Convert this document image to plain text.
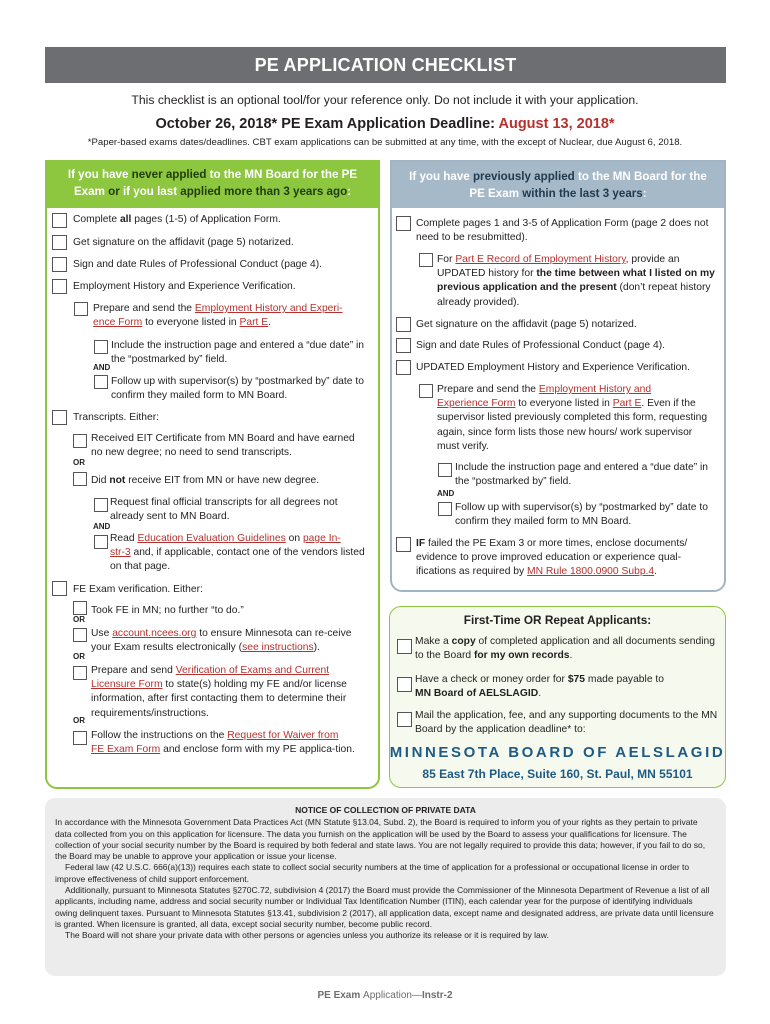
PE APPLICATION CHECKLIST
This checklist is an optional tool/for your reference only. Do not include it with your application.
October 26, 2018* PE Exam Application Deadline: August 13, 2018*
*Paper-based exams dates/deadlines. CBT exam applications can be submitted at any time, with the except of Nuclear, due August 6, 2018.
If you have never applied to the MN Board for the PE Exam or if you last applied more than 3 years ago:
Complete all pages (1-5) of Application Form.
Get signature on the affidavit (page 5) notarized.
Sign and date Rules of Professional Conduct (page 4).
Employment History and Experience Verification.
Prepare and send the Employment History and Experi-
ence Form to everyone listed in Part E.
Include the instruction page and entered a “due date” in the “postmarked by” field.
AND
Follow up with supervisor(s) by “postmarked by” date to confirm they mailed form to MN Board.
Transcripts. Either:
Received EIT Certificate from MN Board and have earned no new degree; no need to send transcripts.
OR
Did not receive EIT from MN or have new degree.
Request final official transcripts for all degrees not already sent to MN Board.
AND
Read Education Evaluation Guidelines on page In-
str-3 and, if applicable, contact one of the vendors listed on that page.
FE Exam verification. Either:
Took FE in MN; no further “to do.”
OR
Use account.ncees.org to ensure Minnesota can re-ceive your Exam results electronically (see instructions).
OR
Prepare and send Verification of Exams and Current
Licensure Form to state(s) holding my FE and/or license information, after first contacting them to determine their requirements/instructions.
OR
Follow the instructions on the Request for Waiver from
FE Exam Form and enclose form with my PE applica-tion.
If you have previously applied to the MN Board for the PE Exam within the last 3 years:
Complete pages 1 and 3-5 of Application Form (page 2 does not need to be resubmitted).
For Part E Record of Employment History, provide an UPDATED history for the time between what I listed on my previous application and the present (don’t repeat history already provided).
Get signature on the affidavit (page 5) notarized.
Sign and date Rules of Professional Conduct (page 4).
UPDATED Employment History and Experience Verification.
Prepare and send the Employment History and
Experience Form to everyone listed in Part E. Even if the supervisor listed previously completed this form, requesting again, since form lists those new hours/ work supervisor must verify.
Include the instruction page and entered a “due date” in the “postmarked by” field.
AND
Follow up with supervisor(s) by “postmarked by” date to confirm they mailed form to MN Board.
IF failed the PE Exam 3 or more times, enclose documents/ evidence to prove improved education or experience qual-ifications as required by MN Rule 1800.0900 Subp.4.
First-Time OR Repeat Applicants:
Make a copy of completed application and all documents sending to the Board for my own records.
Have a check or money order for $75 made payable to
MN Board of AELSLAGID.
Mail the application, fee, and any supporting documents to the MN Board by the application deadline* to:
MINNESOTA BOARD OF AELSLAGID
85 East 7th Place, Suite 160, St. Paul, MN 55101
NOTICE OF COLLECTION OF PRIVATE DATA

In accordance with the Minnesota Government Data Practices Act (MN Statute §13.04, Subd. 2), the Board is required to inform you of your rights as they pertain to private data collected from you on this application for licensure. The data you furnish on the application will be used by the Board to assess your qualifications for licensure. The collection of your social security number by the Board is required by both federal and state laws. You are not legally required to provide this data; however, if you fail to do so, the Board may be unable to approve your application or issue your license.

Federal law (42 U.S.C. 666(a)(13)) requires each state to collect social security numbers at the time of application for a professional or occupational license in order to improve effectiveness of child support enforcement.

Additionally, pursuant to Minnesota Statutes §270C.72, subdivision 4 (2017) the Board must provide the Commissioner of the Minnesota Department of Revenue a list of all applicants, including name, address and social security number or Individual Tax Identification Number (ITIN), each calendar year for the purpose of identifying individuals owing delinquent taxes. Pursuant to Minnesota Statutes §13.41, subdivision 2 (2017), all application data, except name and designated address, are private data until licensure is granted. When licensure is granted, all data, except social security number, become public record.

The Board will not share your private data with other persons or agencies unless you authorize its release or it is required by law.

PE Exam Application—Instr-2
